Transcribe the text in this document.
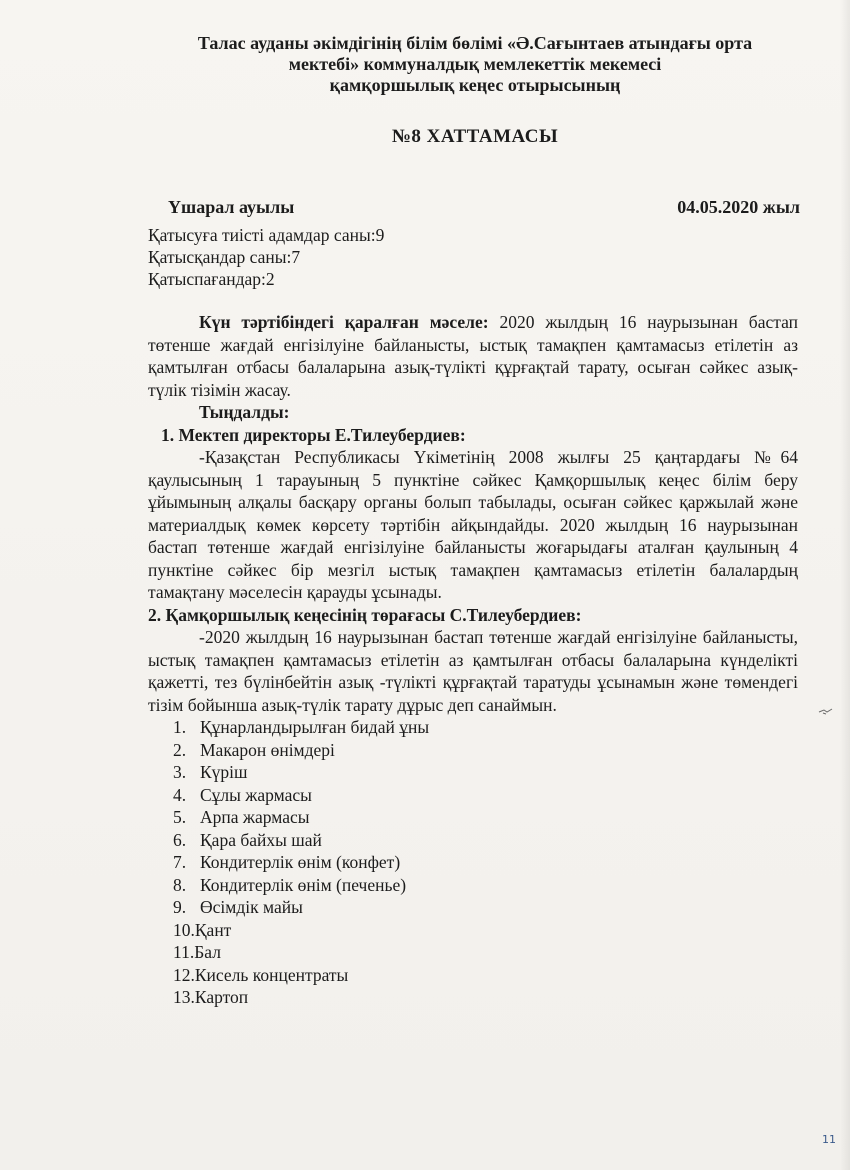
Талас ауданы әкімдігінің білім бөлімі «Ә.Сағынтаев атындағы орта
мектебі» коммуналдық мемлекеттік мекемесі
қамқоршылық кеңес отырысының
№8 ХАТТАМАСЫ
Үшарал ауылы	04.05.2020 жыл
Қатысуға тиісті адамдар саны:9
Қатысқандар саны:7
Қатыспағандар:2

Күн тәртібіндегі қаралған мәселе: 2020 жылдың 16 наурызынан бастап төтенше жағдай енгізілуіне байланысты, ыстық тамақпен қамтамасыз етілетін аз қамтылған отбасы балаларына азық-түлікті құрғақтай тарату, осыған сәйкес азық-түлік тізімін жасау.

Тыңдалды:

1. Мектеп директоры Е.Тилеубердиев:

-Қазақстан Республикасы Үкіметінің 2008 жылғы 25 қаңтардағы №64 қаулысының 1 тарауының 5 пунктіне сәйкес Қамқоршылық кеңес білім беру ұйымының алқалы басқару органы болып табылады, осыған сәйкес қаржылай және материалдық көмек көрсету тәртібін айқындайды. 2020 жылдың 16 наурызынан бастап төтенше жағдай енгізілуіне байланысты жоғарыдағы аталған қаулының 4 пунктіне сәйкес бір мезгіл ыстық тамақпен қамтамасыз етілетін балалардың тамақтану мәселесін қарауды ұсынады.

2. Қамқоршылық кеңесінің төрағасы С.Тилеубердиев:

-2020 жылдың 16 наурызынан бастап төтенше жағдай енгізілуіне байланысты, ыстық тамақпен қамтамасыз етілетін аз қамтылған отбасы балаларына күнделікті қажетті, тез бүлінбейтін азық -түлікті құрғақтай таратуды ұсынамын және төмендегі тізім бойынша азық-түлік тарату дұрыс деп санаймын.

1. Құнарландырылған бидай ұны
2. Макарон өнімдері
3. Күріш
4. Сұлы жармасы
5. Арпа жармасы
6. Қара байхы шай
7. Кондитерлік өнім (конфет)
8. Кондитерлік өнім (печенье)
9. Өсімдік майы
10.Қант
11.Бал
12.Кисель концентраты
13.Картоп
11
